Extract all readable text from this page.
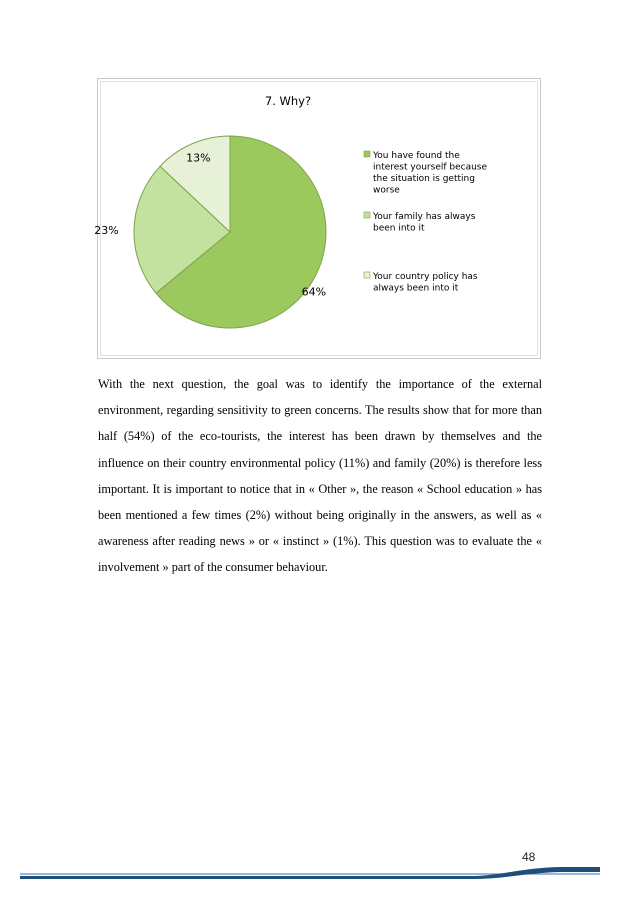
7. Why?
64%
23%
13%	You have found the
interest yourself because
the situation is getting
worse
Your family has always
been into it
Your country policy has
always been into it

With the next question, the goal was to identify the importance of the external environment, regarding sensitivity to green concerns. The results show that for more than half (54%) of the eco-tourists, the interest has been drawn by themselves and the influence on their country environmental policy (11%) and family (20%) is therefore less important. It is important to notice that in « Other », the reason « School education » has been mentioned a few times (2%) without being originally in the answers, as well as « awareness after reading news » or « instinct » (1%). This question was to evaluate the « involvement » part of the consumer behaviour.

48
